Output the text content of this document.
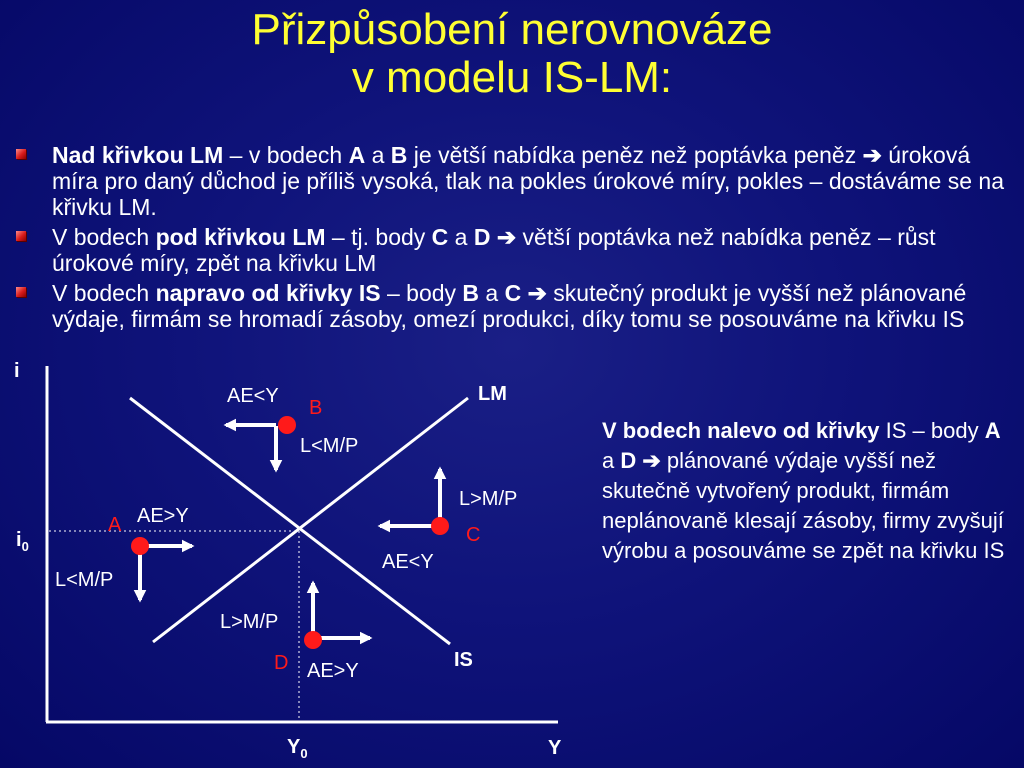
Přizpůsobení nerovnováze
v modelu IS-LM:
Nad křivkou LM – v bodech A a B je větší nabídka peněz než poptávka peněz ➔ úroková míra pro daný důchod je příliš vysoká, tlak na pokles úrokové míry, pokles – dostáváme se na křivku LM.
V bodech pod křivkou LM – tj. body C a D ➔ větší poptávka než nabídka peněz – růst úrokové míry, zpět na křivku LM
V bodech napravo od křivky IS – body B a C ➔ skutečný produkt je vyšší než plánované výdaje, firmám se hromadí zásoby, omezí produkci, díky tomu se posouváme na křivku IS
i
$i_0$
$Y_0$	Y
LM
IS
B
AE<Y
L<M/P
A AE>Y
L<M/P
C
L>M/P
AE<Y
D
L>M/P
AE>Y
V bodech nalevo od křivky IS – body A a D ➔ plánované výdaje vyšší než skutečně vytvořený produkt, firmám neplánovaně klesají zásoby, firmy zvyšují výrobu a posouváme se zpět na křivku IS
